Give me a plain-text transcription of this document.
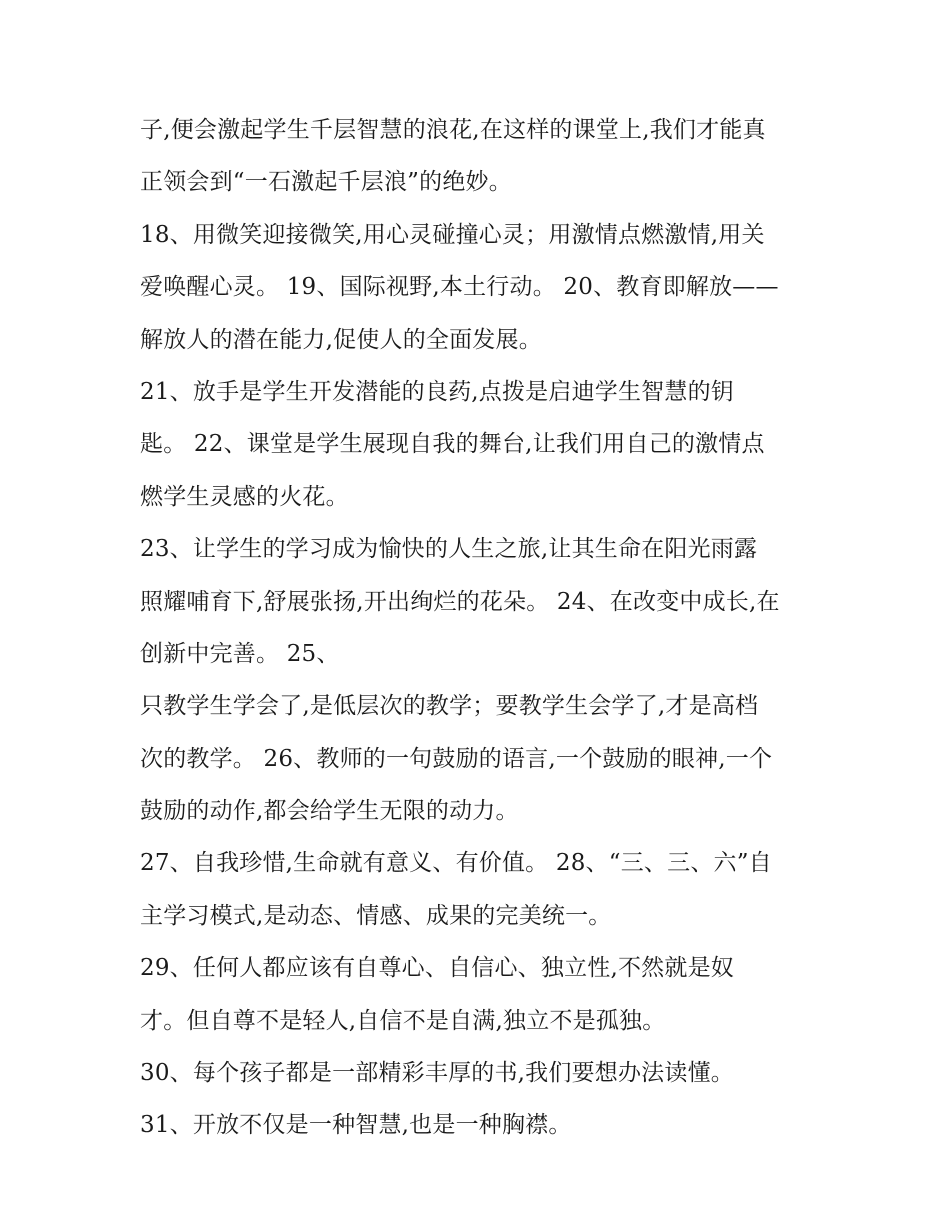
子,便会激起学生千层智慧的浪花,在这样的课堂上,我们才能真
正领会到“一石激起千层浪”的绝妙。
18、用微笑迎接微笑,用心灵碰撞心灵；用激情点燃激情,用关
爱唤醒心灵。 19、国际视野,本土行动。 20、教育即解放——
解放人的潜在能力,促使人的全面发展。
21、放手是学生开发潜能的良药,点拨是启迪学生智慧的钥
匙。 22、课堂是学生展现自我的舞台,让我们用自己的激情点
燃学生灵感的火花。
23、让学生的学习成为愉快的人生之旅,让其生命在阳光雨露
照耀哺育下,舒展张扬,开出绚烂的花朵。 24、在改变中成长,在
创新中完善。 25、
只教学生学会了,是低层次的教学；要教学生会学了,才是高档
次的教学。 26、教师的一句鼓励的语言,一个鼓励的眼神,一个
鼓励的动作,都会给学生无限的动力。
27、自我珍惜,生命就有意义、有价值。 28、“三、三、六”自
主学习模式,是动态、情感、成果的完美统一。
29、任何人都应该有自尊心、自信心、独立性,不然就是奴
才。但自尊不是轻人,自信不是自满,独立不是孤独。
30、每个孩子都是一部精彩丰厚的书,我们要想办法读懂。
31、开放不仅是一种智慧,也是一种胸襟。
